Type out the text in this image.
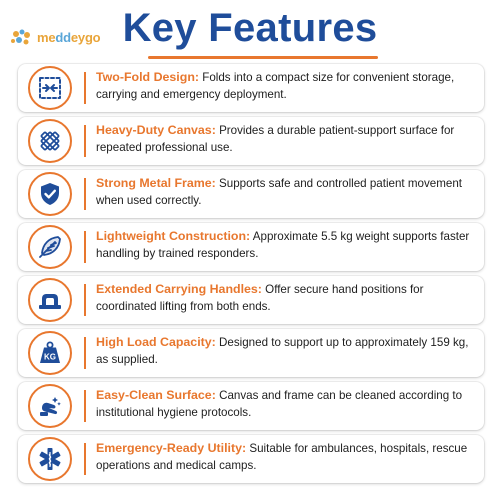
meddeygo Key Features
Two-Fold Design: Folds into a compact size for convenient storage, carrying and emergency deployment.
Heavy-Duty Canvas: Provides a durable patient-support surface for repeated professional use.
Strong Metal Frame: Supports safe and controlled patient movement when used correctly.
Lightweight Construction: Approximate 5.5 kg weight supports faster handling by trained responders.
Extended Carrying Handles: Offer secure hand positions for coordinated lifting from both ends.
KG
High Load Capacity: Designed to support up to approximately 159 kg, as supplied.
Easy-Clean Surface: Canvas and frame can be cleaned according to institutional hygiene protocols.
Emergency-Ready Utility: Suitable for ambulances, hospitals, rescue operations and medical camps.
